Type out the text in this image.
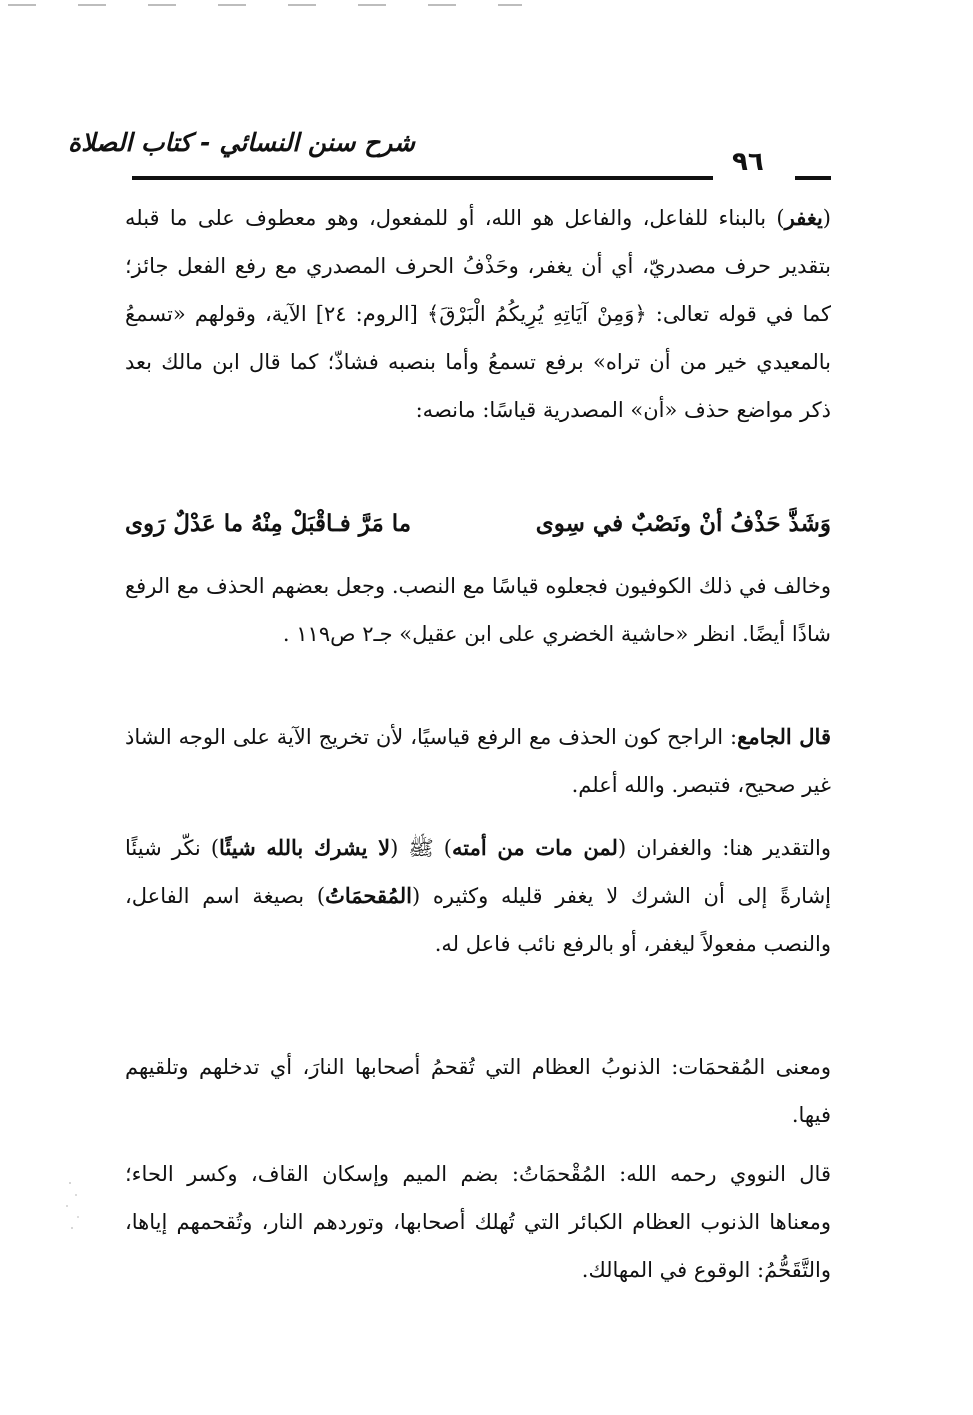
شرح سنن النسائي - كتاب الصلاة
٩٦
(يغفر) بالبناء للفاعل، والفاعل هو الله، أو للمفعول، وهو معطوف على ما قبله بتقدير حرف مصدريّ، أي أن يغفر، وحَذْفُ الحرف المصدري مع رفع الفعل جائز؛ كما في قوله تعالى: ﴿وَمِنْ آيَاتِهِ يُرِيكُمُ الْبَرْقَ﴾ [الروم: ٢٤] الآية، وقولهم «تسمعُ بالمعيدي خير من أن تراه» برفع تسمعُ وأما بنصبه فشاذّ؛ كما قال ابن مالك بعد ذكر مواضع حذف «أن» المصدرية قياسًا: مانصه:
وَشَذَّ حَذْفُ أنْ ونَصْبٌ في سِوى
ما مَرَّ فـاقْبَلْ مِنْهُ ما عَدْلٌ رَوى
وخالف في ذلك الكوفيون فجعلوه قياسًا مع النصب. وجعل بعضهم الحذف مع الرفع شاذًا أيضًا. انظر «حاشية الخضري على ابن عقيل» جـ٢ ص١١٩ .
قال الجامع: الراجح كون الحذف مع الرفع قياسيًا، لأن تخريج الآية على الوجه الشاذ غير صحيح، فتبصر. والله أعلم.
والتقدير هنا: والغفران (لمن مات من أمته) ﷺ (لا يشرك بالله شيئًا) نكّر شيئًا إشارةً إلى أن الشرك لا يغفر قليله وكثيره (المُقحمَاتُ) بصيغة اسم الفاعل، والنصب مفعولاً ليغفر، أو بالرفع نائب فاعل له.
ومعنى المُقحمَات: الذنوبُ العظام التي تُقحمُ أصحابها النارَ، أي تدخلهم وتلقيهم فيها.
قال النووي رحمه الله: المُقْحمَاتُ: بضم الميم وإسكان القاف، وكسر الحاء؛ ومعناها الذنوب العظام الكبائر التي تُهلك أصحابها، وتوردهم النار، وتُقحمهم إياها، والتَّقَحُّمُ: الوقوع في المهالك.
